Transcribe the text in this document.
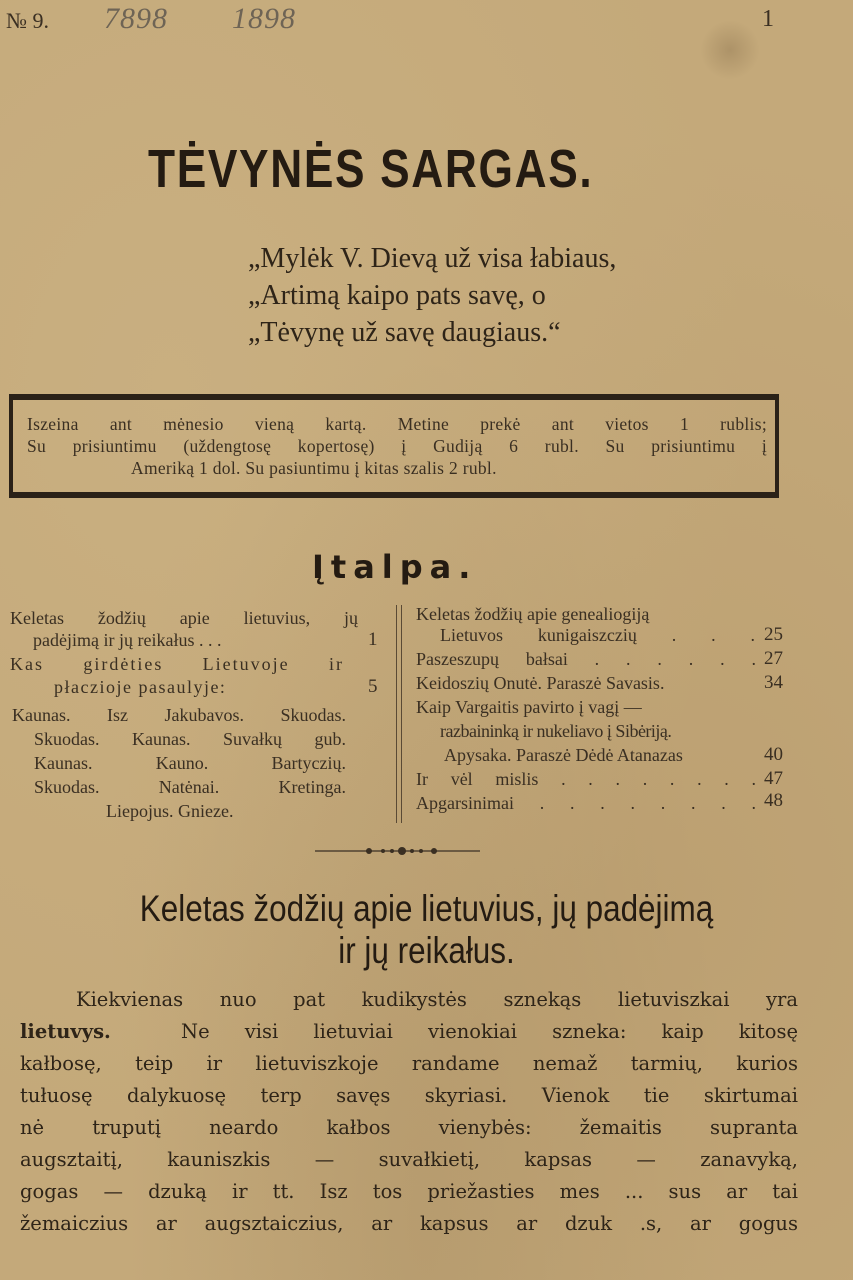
№ 9. 7898 1898	1
TĖVYNĖS SARGAS.
„Mylėk V. Dievą už visa łabiaus,
„Artimą kaipo pats savę, o
„Tėvynę už savę daugiaus.“
Iszeina ant mėnesio vieną kartą. Metine prekė ant vietos 1 rublis;
Su prisiuntimu (uždengtosę kopertosę) į Gudiją 6 rubl. Su prisiuntimu į
Ameriką 1 dol. Su pasiuntimu į kitas szalis 2 rubl.
Įtalpa.
Keletas žodžių apie lietuvius, jų
padėjimą ir jų reikałus . . .	1
Kas girdėties Lietuvoje ir
płaczioje pasaulyje:	5
Kaunas. Isz Jakubavos. Skuodas.
Skuodas. Kaunas. Suvałkų gub.
Kaunas. Kauno. Bartyczių.
Skuodas. Natėnai. Kretinga.
Liepojus. Gnieze.
Keletas žodžių apie genealiogiją
Lietuvos kunigaiszczių . . . 25
Paszeszupų bałsai . . . . . . 27
Keidoszių Onutė. Paraszė Savasis.	34
Kaip Vargaitis pavirto į vagį —
razbaininką ir nukeliavo į Sibėriją.
Apysaka. Paraszė Dėdė Atanazas	40
Ir vėl mislis . . . . . . . . 47
Apgarsinimai . . . . . . . . 48
Keletas žodžių apie lietuvius, jų padėjimą
ir jų reikałus.
Kiekvienas nuo pat kudikystės sznekąs lietuviszkai yra
lietuvys.	Ne visi lietuviai vienokiai szneka: kaip kitosę
kałbosę, teip ir lietuviszkoje randame nemaž tarmių, kurios
tułuosę dalykuosę terp savęs skyriasi. Vienok tie skirtumai
nė truputį neardo kałbos vienybės: žemaitis supranta
augsztaitį, kauniszkis — suvałkietį, kapsas — zanavyką,
gogas — dzuką ir tt. Isz tos priežasties mes ... sus ar tai
žemaiczius ar augsztaiczius, ar kapsus ar dzuk .s, ar gogus
